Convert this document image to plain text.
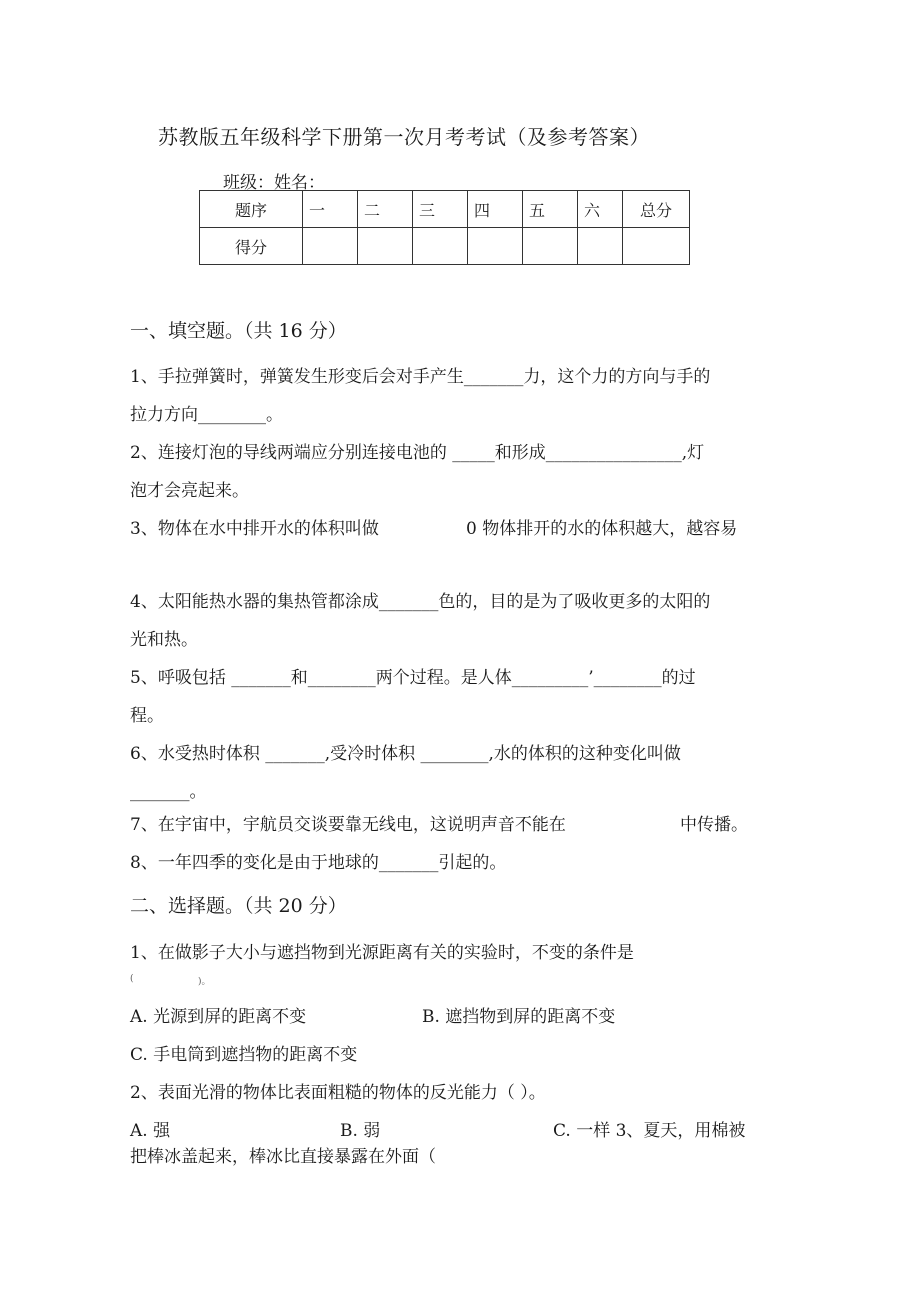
苏教版五年级科学下册第一次月考考试（及参考答案）
班级：姓名：
题序	一	二	三	四	五	六	总分
得分							
一、填空题。（共 16 分）
1、手拉弹簧时，弹簧发生形变后会对手产生_______力，这个力的方向与手的
拉力方向________。
2、连接灯泡的导线两端应分别连接电池的 _____和形成________________,灯
泡才会亮起来。
3、物体在水中排开水的体积叫做	0 物体排开的水的体积越大，越容易
4、太阳能热水器的集热管都涂成_______色的，目的是为了吸收更多的太阳的
光和热。
5、呼吸包括 _______和________两个过程。是人体_________’________的过
程。
6、水受热时体积 _______,受冷时体积 ________,水的体积的这种变化叫做
_______。
7、在宇宙中，宇航员交谈要靠无线电，这说明声音不能在	中传播。
8、一年四季的变化是由于地球的_______引起的。
二、选择题。（共 20 分）
1、在做影子大小与遮挡物到光源距离有关的实验时，不变的条件是
(	)。
A. 光源到屏的距离不变	B. 遮挡物到屏的距离不变
C. 手电筒到遮挡物的距离不变
2、表面光滑的物体比表面粗糙的物体的反光能力（ ）。
A. 强	B. 弱	C. 一样 3、夏天，用棉被
把棒冰盖起来，棒冰比直接暴露在外面（
